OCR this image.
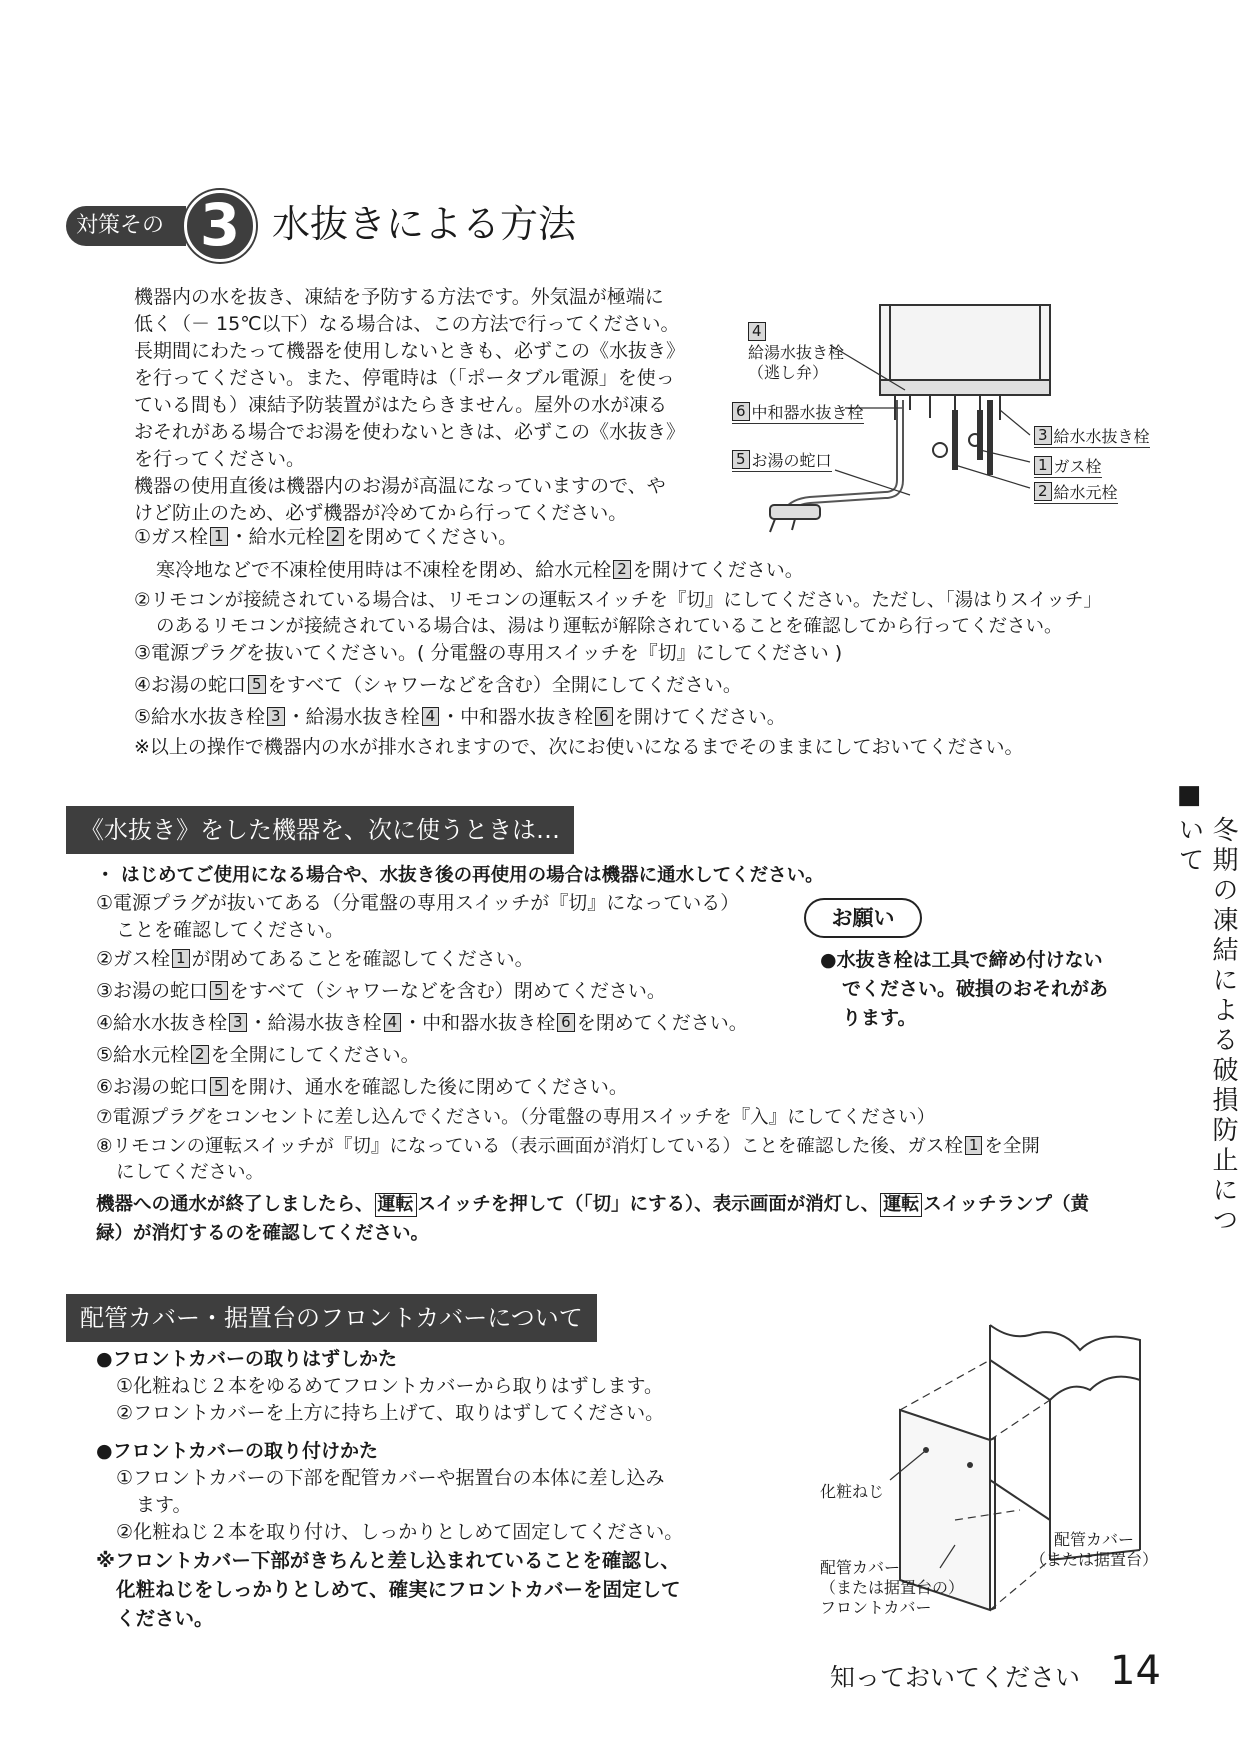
対策その 3 水抜きによる方法
機器内の水を抜き、凍結を予防する方法です。外気温が極端に
低く（－ 15℃以下）なる場合は、この方法で行ってください。
長期間にわたって機器を使用しないときも、必ずこの《水抜き》
を行ってください。また、停電時は（「ポータブル電源」を使っ
ている間も）凍結予防装置がはたらきません。屋外の水が凍る
おそれがある場合でお湯を使わないときは、必ずこの《水抜き》
を行ってください。
機器の使用直後は機器内のお湯が高温になっていますので、や
けど防止のため、必ず機器が冷めてから行ってください。
4
給湯水抜き栓
（逃し弁）
6 中和器水抜き栓
5 お湯の蛇口
3 給水水抜き栓
1 ガス栓
2 給水元栓
①ガス栓 1 ・給水元栓 2 を閉めてください。
寒冷地などで不凍栓使用時は不凍栓を閉め、給水元栓 2 を開けてください。
②リモコンが接続されている場合は、リモコンの運転スイッチを『切』にしてください。ただし、「湯はりスイッチ」
のあるリモコンが接続されている場合は、湯はり運転が解除されていることを確認してから行ってください。
③電源プラグを抜いてください。( 分電盤の専用スイッチを『切』にしてください )
④お湯の蛇口 5 をすべて（シャワーなどを含む）全開にしてください。
⑤給水水抜き栓 3 ・給湯水抜き栓 4 ・中和器水抜き栓 6 を開けてください。
※以上の操作で機器内の水が排水されますので、次にお使いになるまでそのままにしておいてください。
《水抜き》をした機器を、次に使うときは…
・ はじめてご使用になる場合や、水抜き後の再使用の場合は機器に通水してください。
①電源プラグが抜いてある（分電盤の専用スイッチが『切』になっている）
ことを確認してください。
②ガス栓 1 が閉めてあることを確認してください。
③お湯の蛇口 5 をすべて（シャワーなどを含む）閉めてください。
④給水水抜き栓 3 ・給湯水抜き栓 4 ・中和器水抜き栓 6 を閉めてください。
⑤給水元栓 2 を全開にしてください。
⑥お湯の蛇口 5 を開け、通水を確認した後に閉めてください。
⑦電源プラグをコンセントに差し込んでください。（分電盤の専用スイッチを『入』にしてください）
⑧リモコンの運転スイッチが『切』になっている（表示画面が消灯している）ことを確認した後、ガス栓 1 を全開
にしてください。
機器への通水が終了しましたら、 運転 スイッチを押して（「切」にする）、表示画面が消灯し、 運転 スイッチランプ（黄
緑）が消灯するのを確認してください。
お願い
●水抜き栓は工具で締め付けない
でください。破損のおそれがあ
ります。
■
冬期の凍結による破損防止について
配管カバー・据置台のフロントカバーについて
●フロントカバーの取りはずしかた
①化粧ねじ２本をゆるめてフロントカバーから取りはずします。
②フロントカバーを上方に持ち上げて、取りはずしてください。
●フロントカバーの取り付けかた
①フロントカバーの下部を配管カバーや据置台の本体に差し込み
ます。
②化粧ねじ２本を取り付け、しっかりとしめて固定してください。
※フロントカバー下部がきちんと差し込まれていることを確認し、
化粧ねじをしっかりとしめて、確実にフロントカバーを固定して
ください。
化粧ねじ
配管カバー
（または据置台）
配管カバー
（または据置台の）
フロントカバー
知っておいてください 14
